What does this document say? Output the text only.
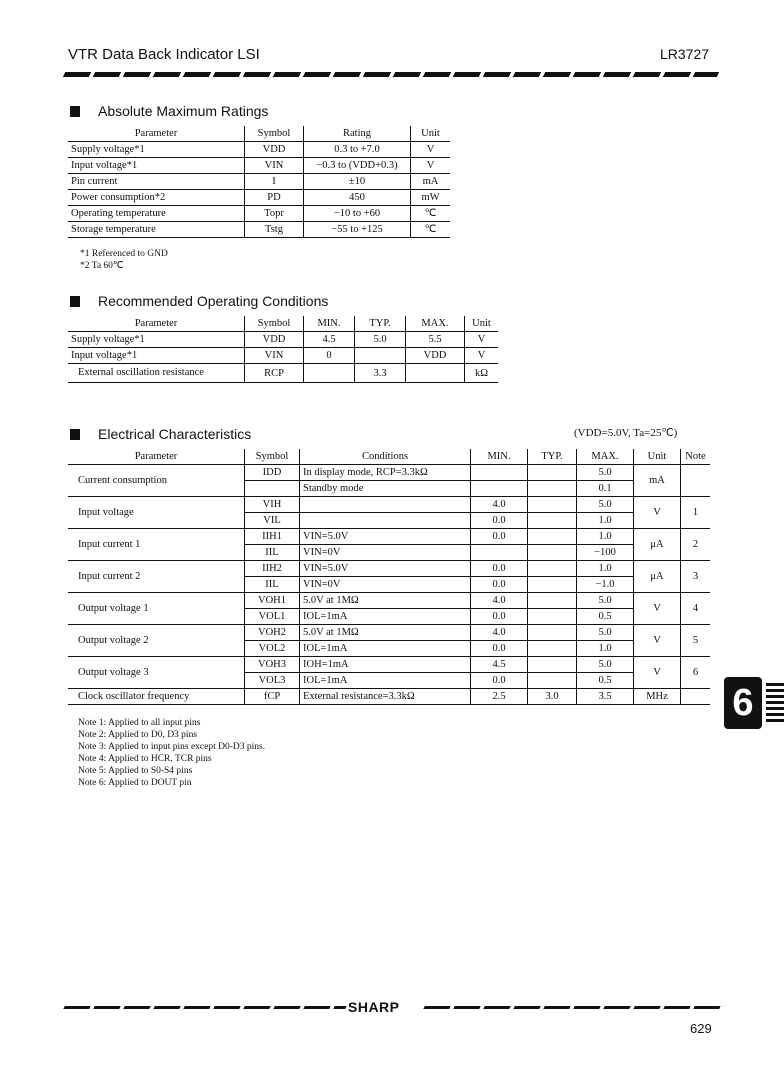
VTR Data Back Indicator LSI	LR3727
Absolute Maximum Ratings
Parameter	Symbol	Rating	Unit
Supply voltage*1	VDD	0.3 to +7.0	V
Input voltage*1	VIN	−0.3 to (VDD+0.3)	V
Pin current	I	±10	mA
Power consumption*2	PD	450	mW
Operating temperature	Topr	−10 to +60	℃
Storage temperature	Tstg	−55 to +125	℃
*1 Referenced to GND
*2 Ta 60℃
Recommended Operating Conditions
Parameter	Symbol	MIN.	TYP.	MAX.	Unit
Supply voltage*1	VDD	4.5	5.0	5.5	V
Input voltage*1	VIN	0		VDD	V
External oscillation resistance	RCP		3.3		kΩ
Electrical Characteristics	(VDD=5.0V, Ta=25℃)
Parameter	Symbol	Conditions	MIN.	TYP.	MAX.	Unit	Note
Current consumption	IDD	In display mode, RCP=3.3kΩ			5.0	mA	
		Standby mode			0.1		
Input voltage	VIH		4.0		5.0	V	1
	VIL		0.0		1.0		
Input current 1	IIH1	VIN=5.0V	0.0		1.0	μA	2
	IIL	VIN=0V			−100		
Input current 2	IIH2	VIN=5.0V	0.0		1.0	μA	3
	IIL	VIN=0V	0.0		−1.0		
Output voltage 1	VOH1	5.0V at 1MΩ	4.0		5.0	V	4
	VOL1	IOL=1mA	0.0		0.5		
Output voltage 2	VOH2	5.0V at 1MΩ	4.0		5.0	V	5
	VOL2	IOL=1mA	0.0		1.0		
Output voltage 3	VOH3	IOH=1mA	4.5		5.0	V	6
	VOL3	IOL=1mA	0.0		0.5		
Clock oscillator frequency	fCP	External resistance=3.3kΩ	2.5	3.0	3.5	MHz	
Note 1: Applied to all input pins
Note 2: Applied to D0, D3 pins
Note 3: Applied to input pins except D0-D3 pins.
Note 4: Applied to HCR, TCR pins
Note 5: Applied to S0-S4 pins
Note 6: Applied to DOUT pin
6
SHARP
629
